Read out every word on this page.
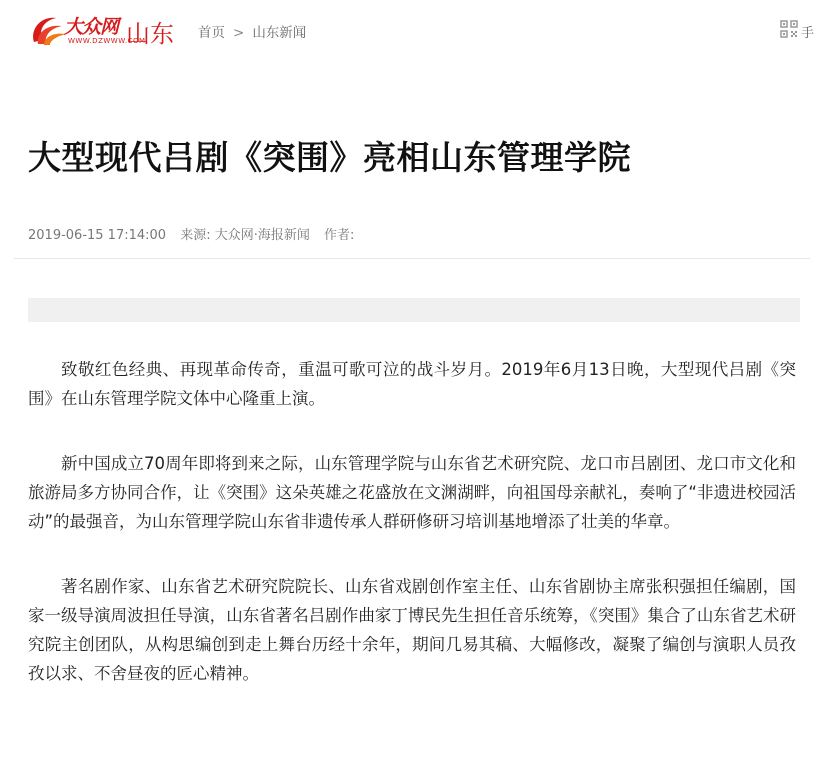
大众网
WWW.DZWWW.COM
山东 首页 > 山东新闻	手
大型现代吕剧《突围》亮相山东管理学院
2019-06-15 17:14:00 来源: 大众网·海报新闻 作者:

致敬红色经典、再现革命传奇，重温可歌可泣的战斗岁月。2019年6月13日晚，大型现代吕剧《突围》在山东管理学院文体中心隆重上演。

新中国成立70周年即将到来之际，山东管理学院与山东省艺术研究院、龙口市吕剧团、龙口市文化和旅游局多方协同合作，让《突围》这朵英雄之花盛放在文渊湖畔，向祖国母亲献礼，奏响了“非遗进校园活动”的最强音，为山东管理学院山东省非遗传承人群研修研习培训基地增添了壮美的华章。

著名剧作家、山东省艺术研究院院长、山东省戏剧创作室主任、山东省剧协主席张积强担任编剧，国家一级导演周波担任导演，山东省著名吕剧作曲家丁博民先生担任音乐统筹，《突围》集合了山东省艺术研究院主创团队，从构思编创到走上舞台历经十余年，期间几易其稿、大幅修改，凝聚了编创与演职人员孜孜以求、不舍昼夜的匠心精神。
